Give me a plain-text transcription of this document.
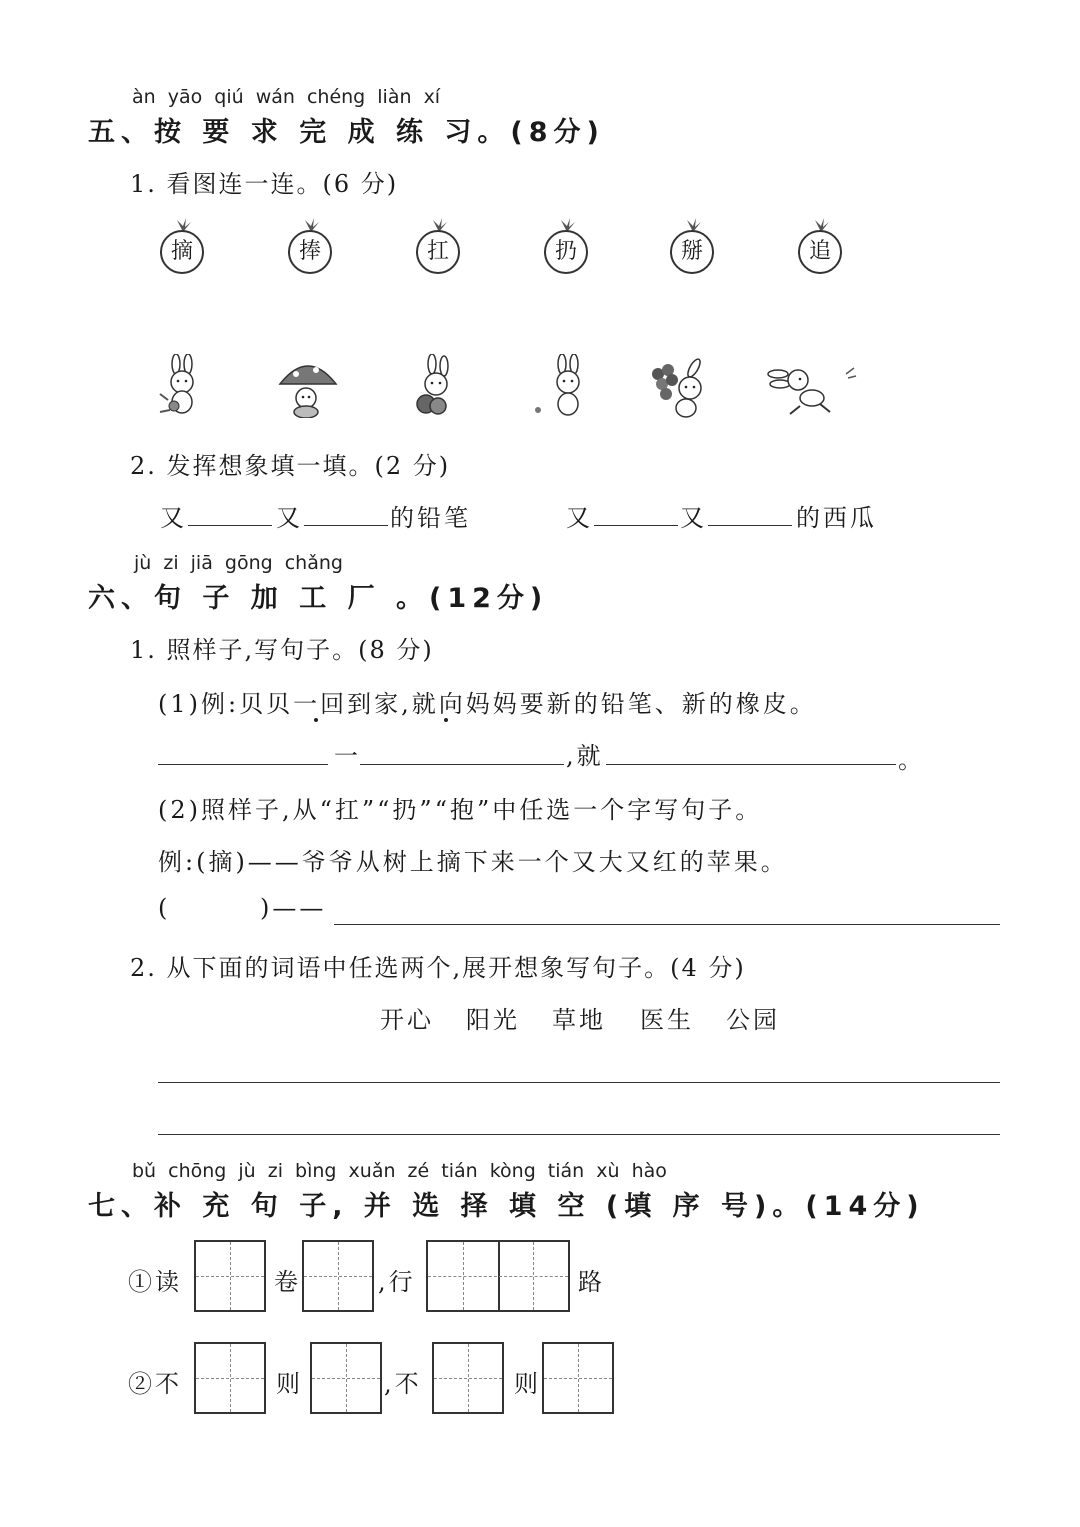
àn yāo qiú wán chéng liàn xí
五、按 要 求 完 成 练 习。(8分)
1. 看图连一连。(6 分)
摘	捧	扛	扔	掰	追
2. 发挥想象填一填。(2 分)
又	又	的铅笔	又	又	的西瓜
jù zi jiā gōng chǎng
六、句 子 加 工 厂 。(12分)
1. 照样子,写句子。(8 分)
(1)例:贝贝一回到家,就向妈妈要新的铅笔、新的橡皮。
一	,就	。
(2)照样子,从“扛”“扔”“抱”中任选一个字写句子。
例:(摘)——爷爷从树上摘下来一个又大又红的苹果。
(	)——
2. 从下面的词语中任选两个,展开想象写句子。(4 分)
开心 阳光 草地 医生 公园
bǔ chōng jù zi bìng xuǎn zé tián kòng tián xù hào
七、补 充 句 子, 并 选 择 填 空 (填 序 号)。(14分)
①读	卷	,行	路
②不	则	,不	则
